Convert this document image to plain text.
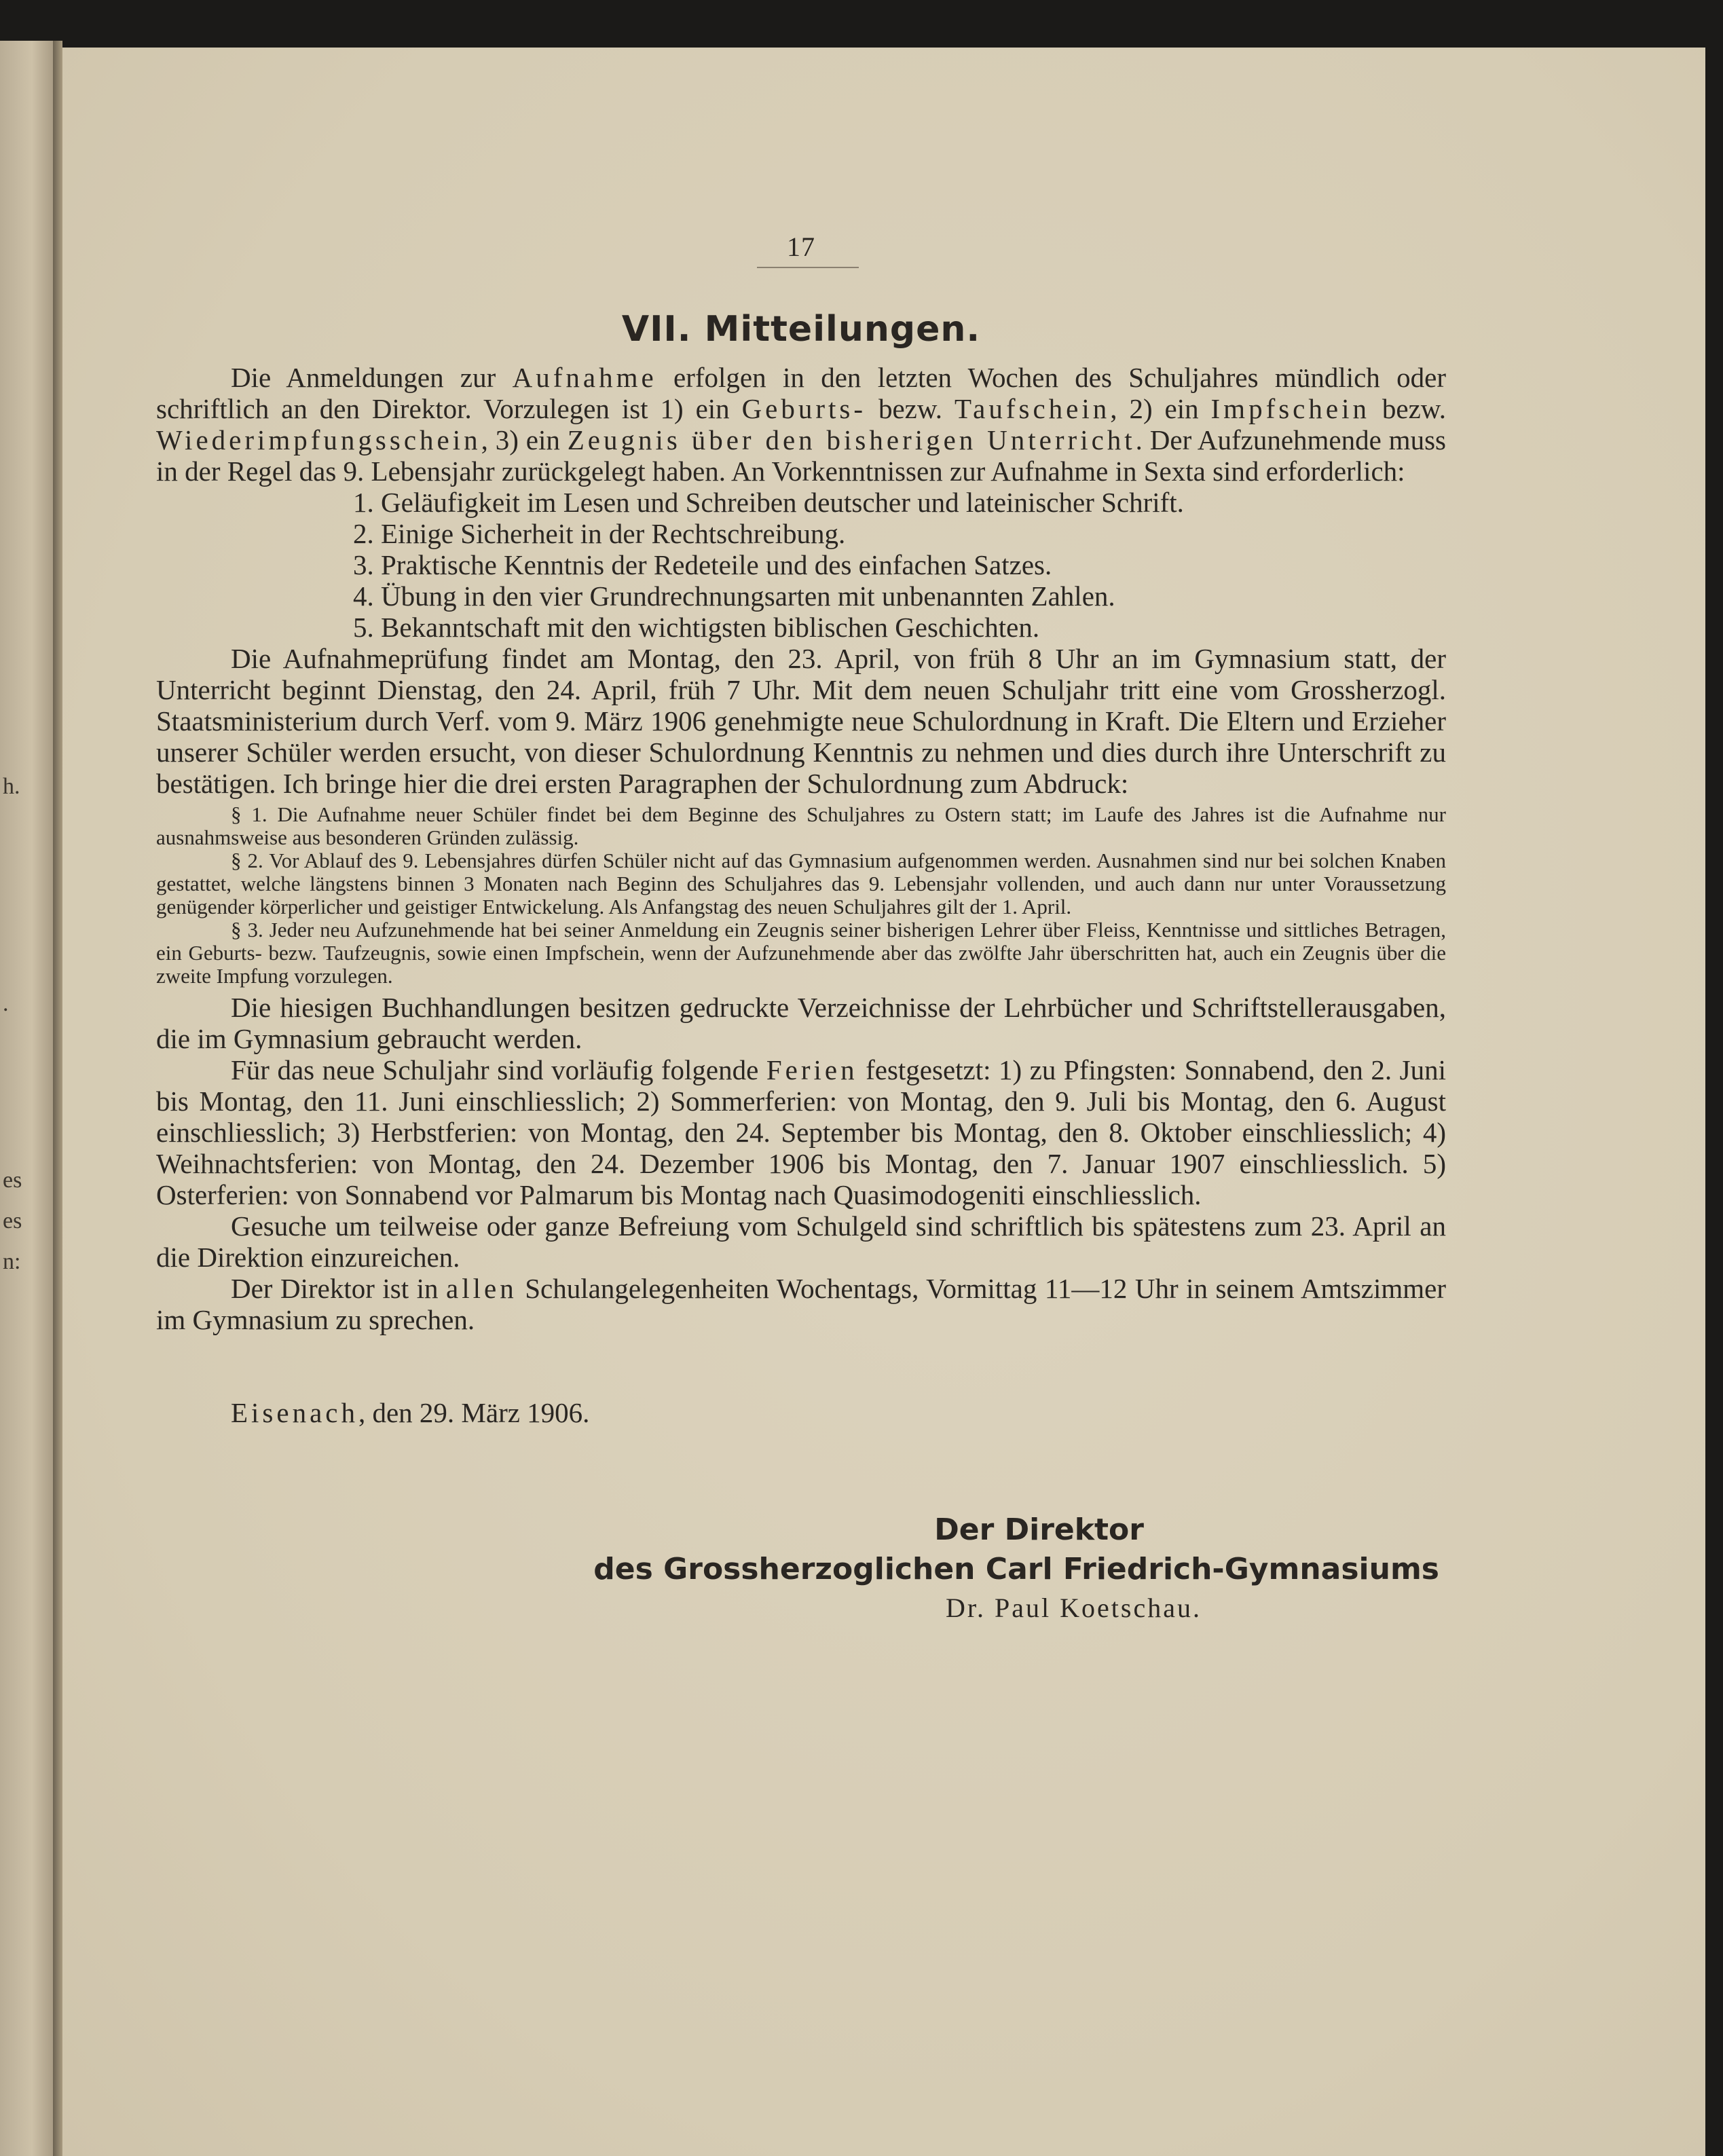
h.
.
es
es
n:
17
VII. Mitteilungen.

Die Anmeldungen zur Aufnahme erfolgen in den letzten Wochen des Schuljahres mündlich oder schriftlich an den Direktor. Vorzulegen ist 1) ein Geburts- bezw. Taufschein, 2) ein Impfschein bezw. Wiederimpfungsschein, 3) ein Zeugnis über den bisherigen Unterricht. Der Aufzunehmende muss in der Regel das 9. Lebensjahr zurückgelegt haben. An Vorkenntnissen zur Aufnahme in Sexta sind erforderlich:

1. Geläufigkeit im Lesen und Schreiben deutscher und lateinischer Schrift.
2. Einige Sicherheit in der Rechtschreibung.
3. Praktische Kenntnis der Redeteile und des einfachen Satzes.
4. Übung in den vier Grundrechnungsarten mit unbenannten Zahlen.
5. Bekanntschaft mit den wichtigsten biblischen Geschichten.

Die Aufnahmeprüfung findet am Montag, den 23. April, von früh 8 Uhr an im Gymnasium statt, der Unterricht beginnt Dienstag, den 24. April, früh 7 Uhr. Mit dem neuen Schuljahr tritt eine vom Grossherzogl. Staatsministerium durch Verf. vom 9. März 1906 genehmigte neue Schulordnung in Kraft. Die Eltern und Erzieher unserer Schüler werden ersucht, von dieser Schulordnung Kenntnis zu nehmen und dies durch ihre Unterschrift zu bestätigen. Ich bringe hier die drei ersten Paragraphen der Schulordnung zum Abdruck:

§ 1. Die Aufnahme neuer Schüler findet bei dem Beginne des Schuljahres zu Ostern statt; im Laufe des Jahres ist die Aufnahme nur ausnahmsweise aus besonderen Gründen zulässig.

§ 2. Vor Ablauf des 9. Lebensjahres dürfen Schüler nicht auf das Gymnasium aufgenommen werden. Ausnahmen sind nur bei solchen Knaben gestattet, welche längstens binnen 3 Monaten nach Beginn des Schuljahres das 9. Lebensjahr vollenden, und auch dann nur unter Voraussetzung genügender körperlicher und geistiger Entwickelung. Als Anfangstag des neuen Schuljahres gilt der 1. April.

§ 3. Jeder neu Aufzunehmende hat bei seiner Anmeldung ein Zeugnis seiner bisherigen Lehrer über Fleiss, Kenntnisse und sittliches Betragen, ein Geburts- bezw. Taufzeugnis, sowie einen Impfschein, wenn der Aufzunehmende aber das zwölfte Jahr überschritten hat, auch ein Zeugnis über die zweite Impfung vorzulegen.

Die hiesigen Buchhandlungen besitzen gedruckte Verzeichnisse der Lehrbücher und Schriftstellerausgaben, die im Gymnasium gebraucht werden.

Für das neue Schuljahr sind vorläufig folgende Ferien festgesetzt: 1) zu Pfingsten: Sonnabend, den 2. Juni bis Montag, den 11. Juni einschliesslich; 2) Sommerferien: von Montag, den 9. Juli bis Montag, den 6. August einschliesslich; 3) Herbstferien: von Montag, den 24. September bis Montag, den 8. Oktober einschliesslich; 4) Weihnachtsferien: von Montag, den 24. Dezember 1906 bis Montag, den 7. Januar 1907 einschliesslich. 5) Osterferien: von Sonnabend vor Palmarum bis Montag nach Quasimodogeniti einschliesslich.

Gesuche um teilweise oder ganze Befreiung vom Schulgeld sind schriftlich bis spätestens zum 23. April an die Direktion einzureichen.

Der Direktor ist in allen Schulangelegenheiten Wochentags, Vormittag 11—12 Uhr in seinem Amtszimmer im Gymnasium zu sprechen.

Eisenach, den 29. März 1906.
Der Direktor
des Grossherzoglichen Carl Friedrich-Gymnasiums
Dr. Paul Koetschau.
